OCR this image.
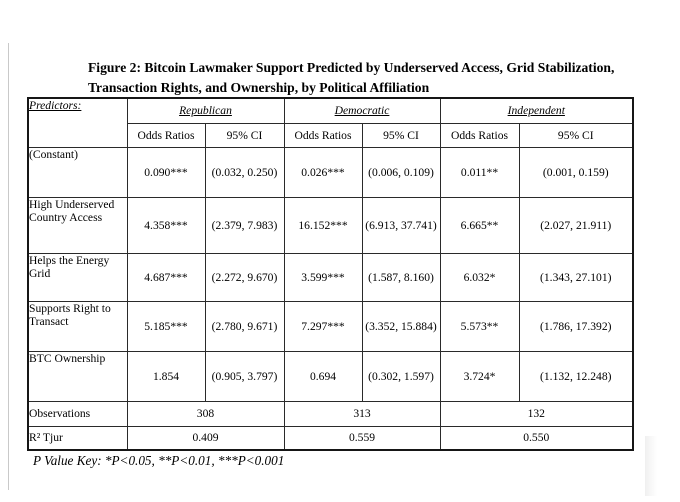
Figure 2: Bitcoin Lawmaker Support Predicted by Underserved Access, Grid Stabilization,
Transaction Rights, and Ownership, by Political Affiliation
Predictors:	Republican		Democratic		Independent	
	Odds Ratios	95% CI	Odds Ratios	95% CI	Odds Ratios	95% CI
(Constant)	0.090***	(0.032, 0.250)	0.026***	(0.006, 0.109)	0.011**	(0.001, 0.159)
High Underserved Country Access	4.358***	(2.379, 7.983)	16.152***	(6.913, 37.741)	6.665**	(2.027, 21.911)
Helps the Energy Grid	4.687***	(2.272, 9.670)	3.599***	(1.587, 8.160)	6.032*	(1.343, 27.101)
Supports Right to Transact	5.185***	(2.780, 9.671)	7.297***	(3.352, 15.884)	5.573**	(1.786, 17.392)
BTC Ownership	1.854	(0.905, 3.797)	0.694	(0.302, 1.597)	3.724*	(1.132, 12.248)
Observations	308		313		132	
R² Tjur	0.409		0.559		0.550	
P Value Key: *P<0.05, **P<0.01, ***P<0.001
